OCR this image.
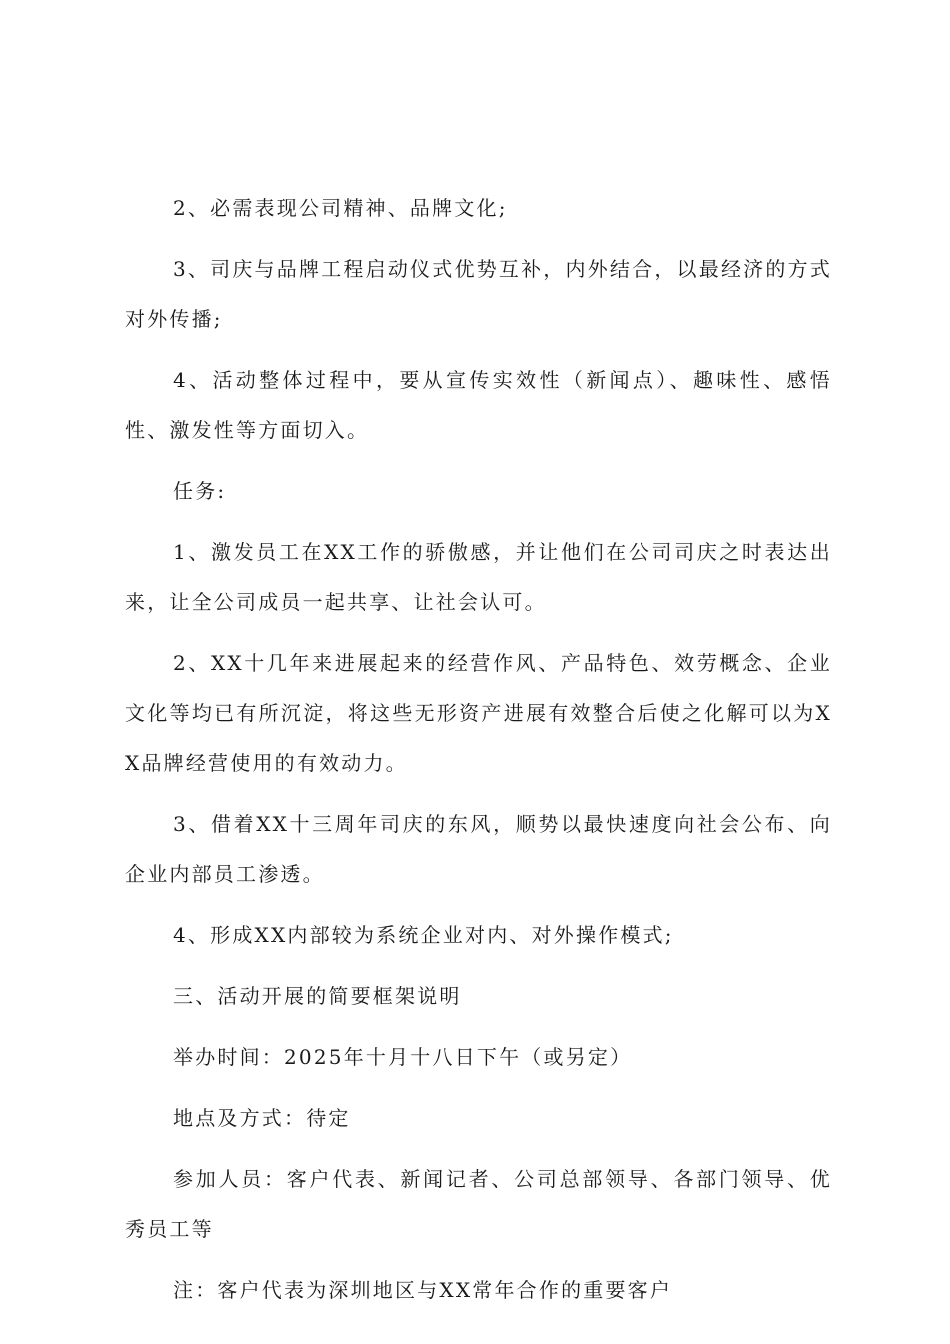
2、必需表现公司精神、品牌文化;

3、司庆与品牌工程启动仪式优势互补，内外结合，以最经济的方式对外传播;

4、活动整体过程中，要从宣传实效性（新闻点）、趣味性、感悟性、激发性等方面切入。

任务:

1、激发员工在XX工作的骄傲感，并让他们在公司司庆之时表达出来，让全公司成员一起共享、让社会认可。

2、XX十几年来进展起来的经营作风、产品特色、效劳概念、企业文化等均已有所沉淀，将这些无形资产进展有效整合后使之化解可以为XX品牌经营使用的有效动力。

3、借着XX十三周年司庆的东风，顺势以最快速度向社会公布、向企业内部员工渗透。

4、形成XX内部较为系统企业对内、对外操作模式;

三、活动开展的简要框架说明

举办时间：2025年十月十八日下午（或另定）

地点及方式：待定

参加人员：客户代表、新闻记者、公司总部领导、各部门领导、优秀员工等

注：客户代表为深圳地区与XX常年合作的重要客户
